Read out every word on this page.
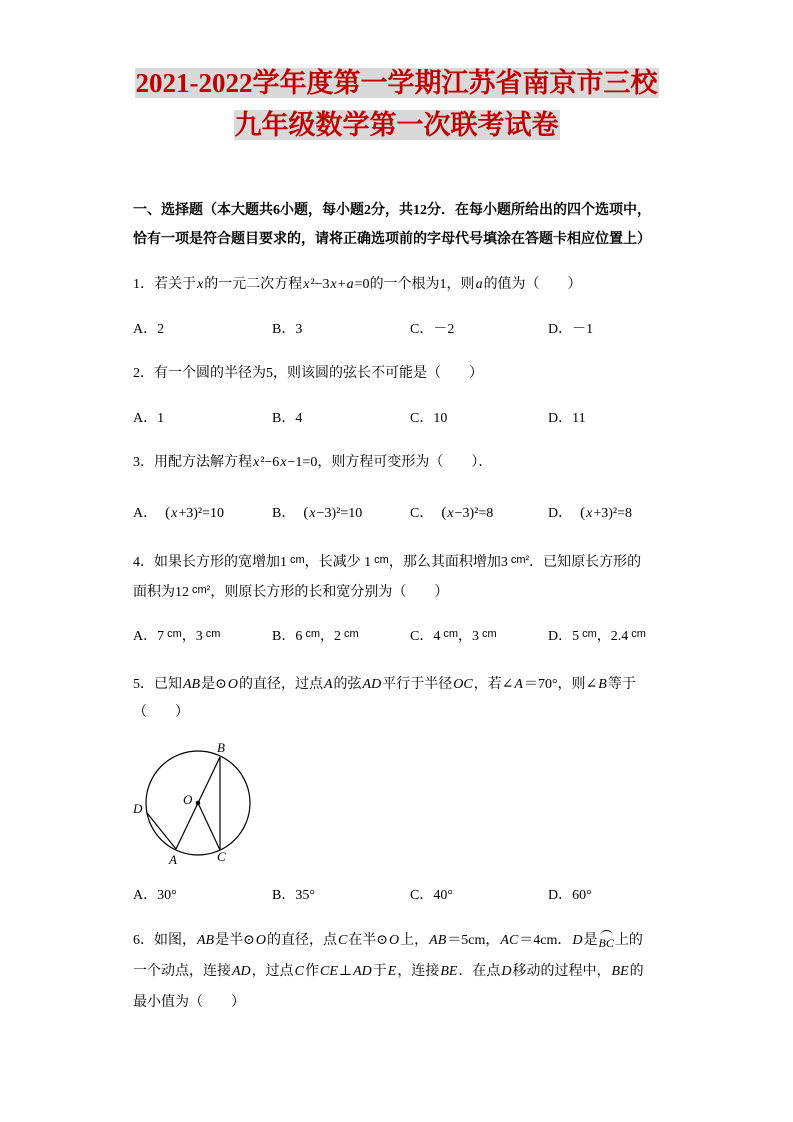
2021-2022学年度第一学期江苏省南京市三校
九年级数学第一次联考试卷
一、选择题（本大题共6小题，每小题2分，共12分．在每小题所给出的四个选项中，
恰有一项是符合题目要求的，请将正确选项前的字母代号填涂在答题卡相应位置上）
1．若关于 x 的一元二次方程 x ²−3 x + a =0 的一个根为1，则 a 的值为（　　）
A．2	B．3	C．－2	D．－1
2．有一个圆的半径为5，则该圆的弦长不可能是（　　）
A．1	B．4	C．10	D．11
3．用配方法解方程 x ²−6 x −1=0 ，则方程可变形为（　　）．
A． ( x +3) ²=10	B． ( x −3) ²=10	C． ( x −3) ²=8	D． ( x +3) ²=8
4．如果长方形的宽增加1 cm ，长减少 1 cm ，那么其面积增加3 cm² ．已知原长方形的
面积为12 cm² ，则原长方形的长和宽分别为（　　）
A．7 cm ，3 cm	B．6 cm ，2 cm	C．4 cm ，3 cm	D．5 cm ，2.4 cm
5．已知 AB 是⊙ O 的直径，过点 A 的弦 AD 平行于半径 OC ，若∠ A ＝70°，则∠ B 等于
（　　）
B
O
D
A	C
A．30°	B．35°	C．40°	D．60°
6．如图， AB 是半⊙ O 的直径，点 C 在半⊙ O 上， AB ＝5cm， AC ＝4cm． D 是 BC 上的
一个动点，连接 AD ，过点 C 作 CE ⊥ AD 于 E ，连接 BE ．在点 D 移动的过程中， BE 的
最小值为（　　）
